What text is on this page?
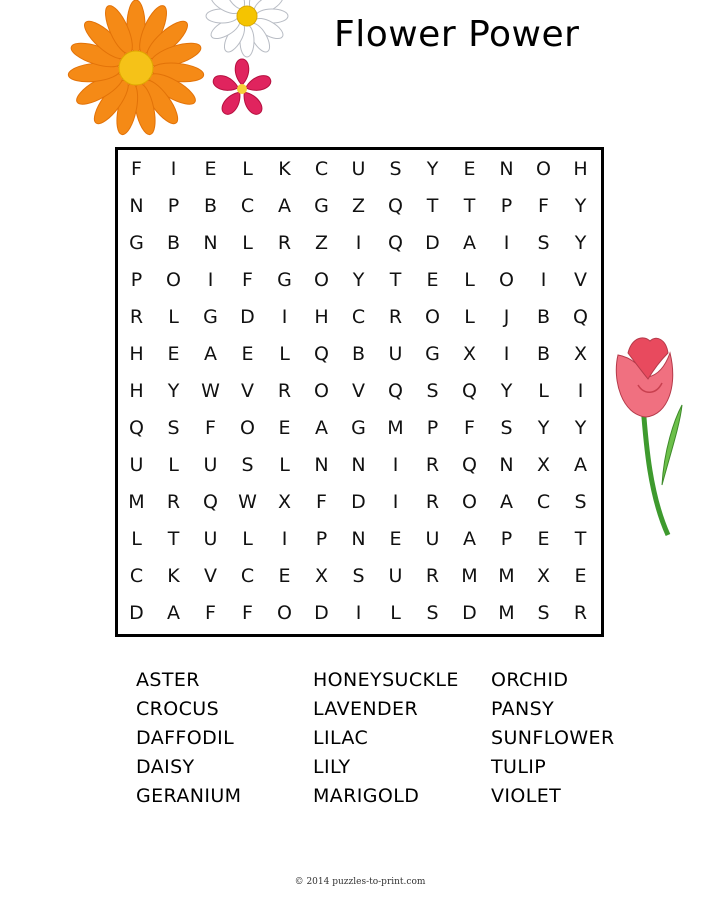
Flower Power
F	I	E	L	K	C	U	S	Y	E	N	O	H
N	P	B	C	A	G	Z	Q	T	T	P	F	Y
G	B	N	L	R	Z	I	Q	D	A	I	S	Y
P	O	I	F	G	O	Y	T	E	L	O	I	V
R	L	G	D	I	H	C	R	O	L	J	B	Q
H	E	A	E	L	Q	B	U	G	X	I	B	X
H	Y	W	V	R	O	V	Q	S	Q	Y	L	I
Q	S	F	O	E	A	G	M	P	F	S	Y	Y
U	L	U	S	L	N	N	I	R	Q	N	X	A
M	R	Q	W	X	F	D	I	R	O	A	C	S
L	T	U	L	I	P	N	E	U	A	P	E	T
C	K	V	C	E	X	S	U	R	M	M	X	E
D	A	F	F	O	D	I	L	S	D	M	S	R
ASTER
CROCUS
DAFFODIL
DAISY
GERANIUM
HONEYSUCKLE
LAVENDER
LILAC
LILY
MARIGOLD
ORCHID
PANSY
SUNFLOWER
TULIP
VIOLET
© 2014 puzzles-to-print.com
